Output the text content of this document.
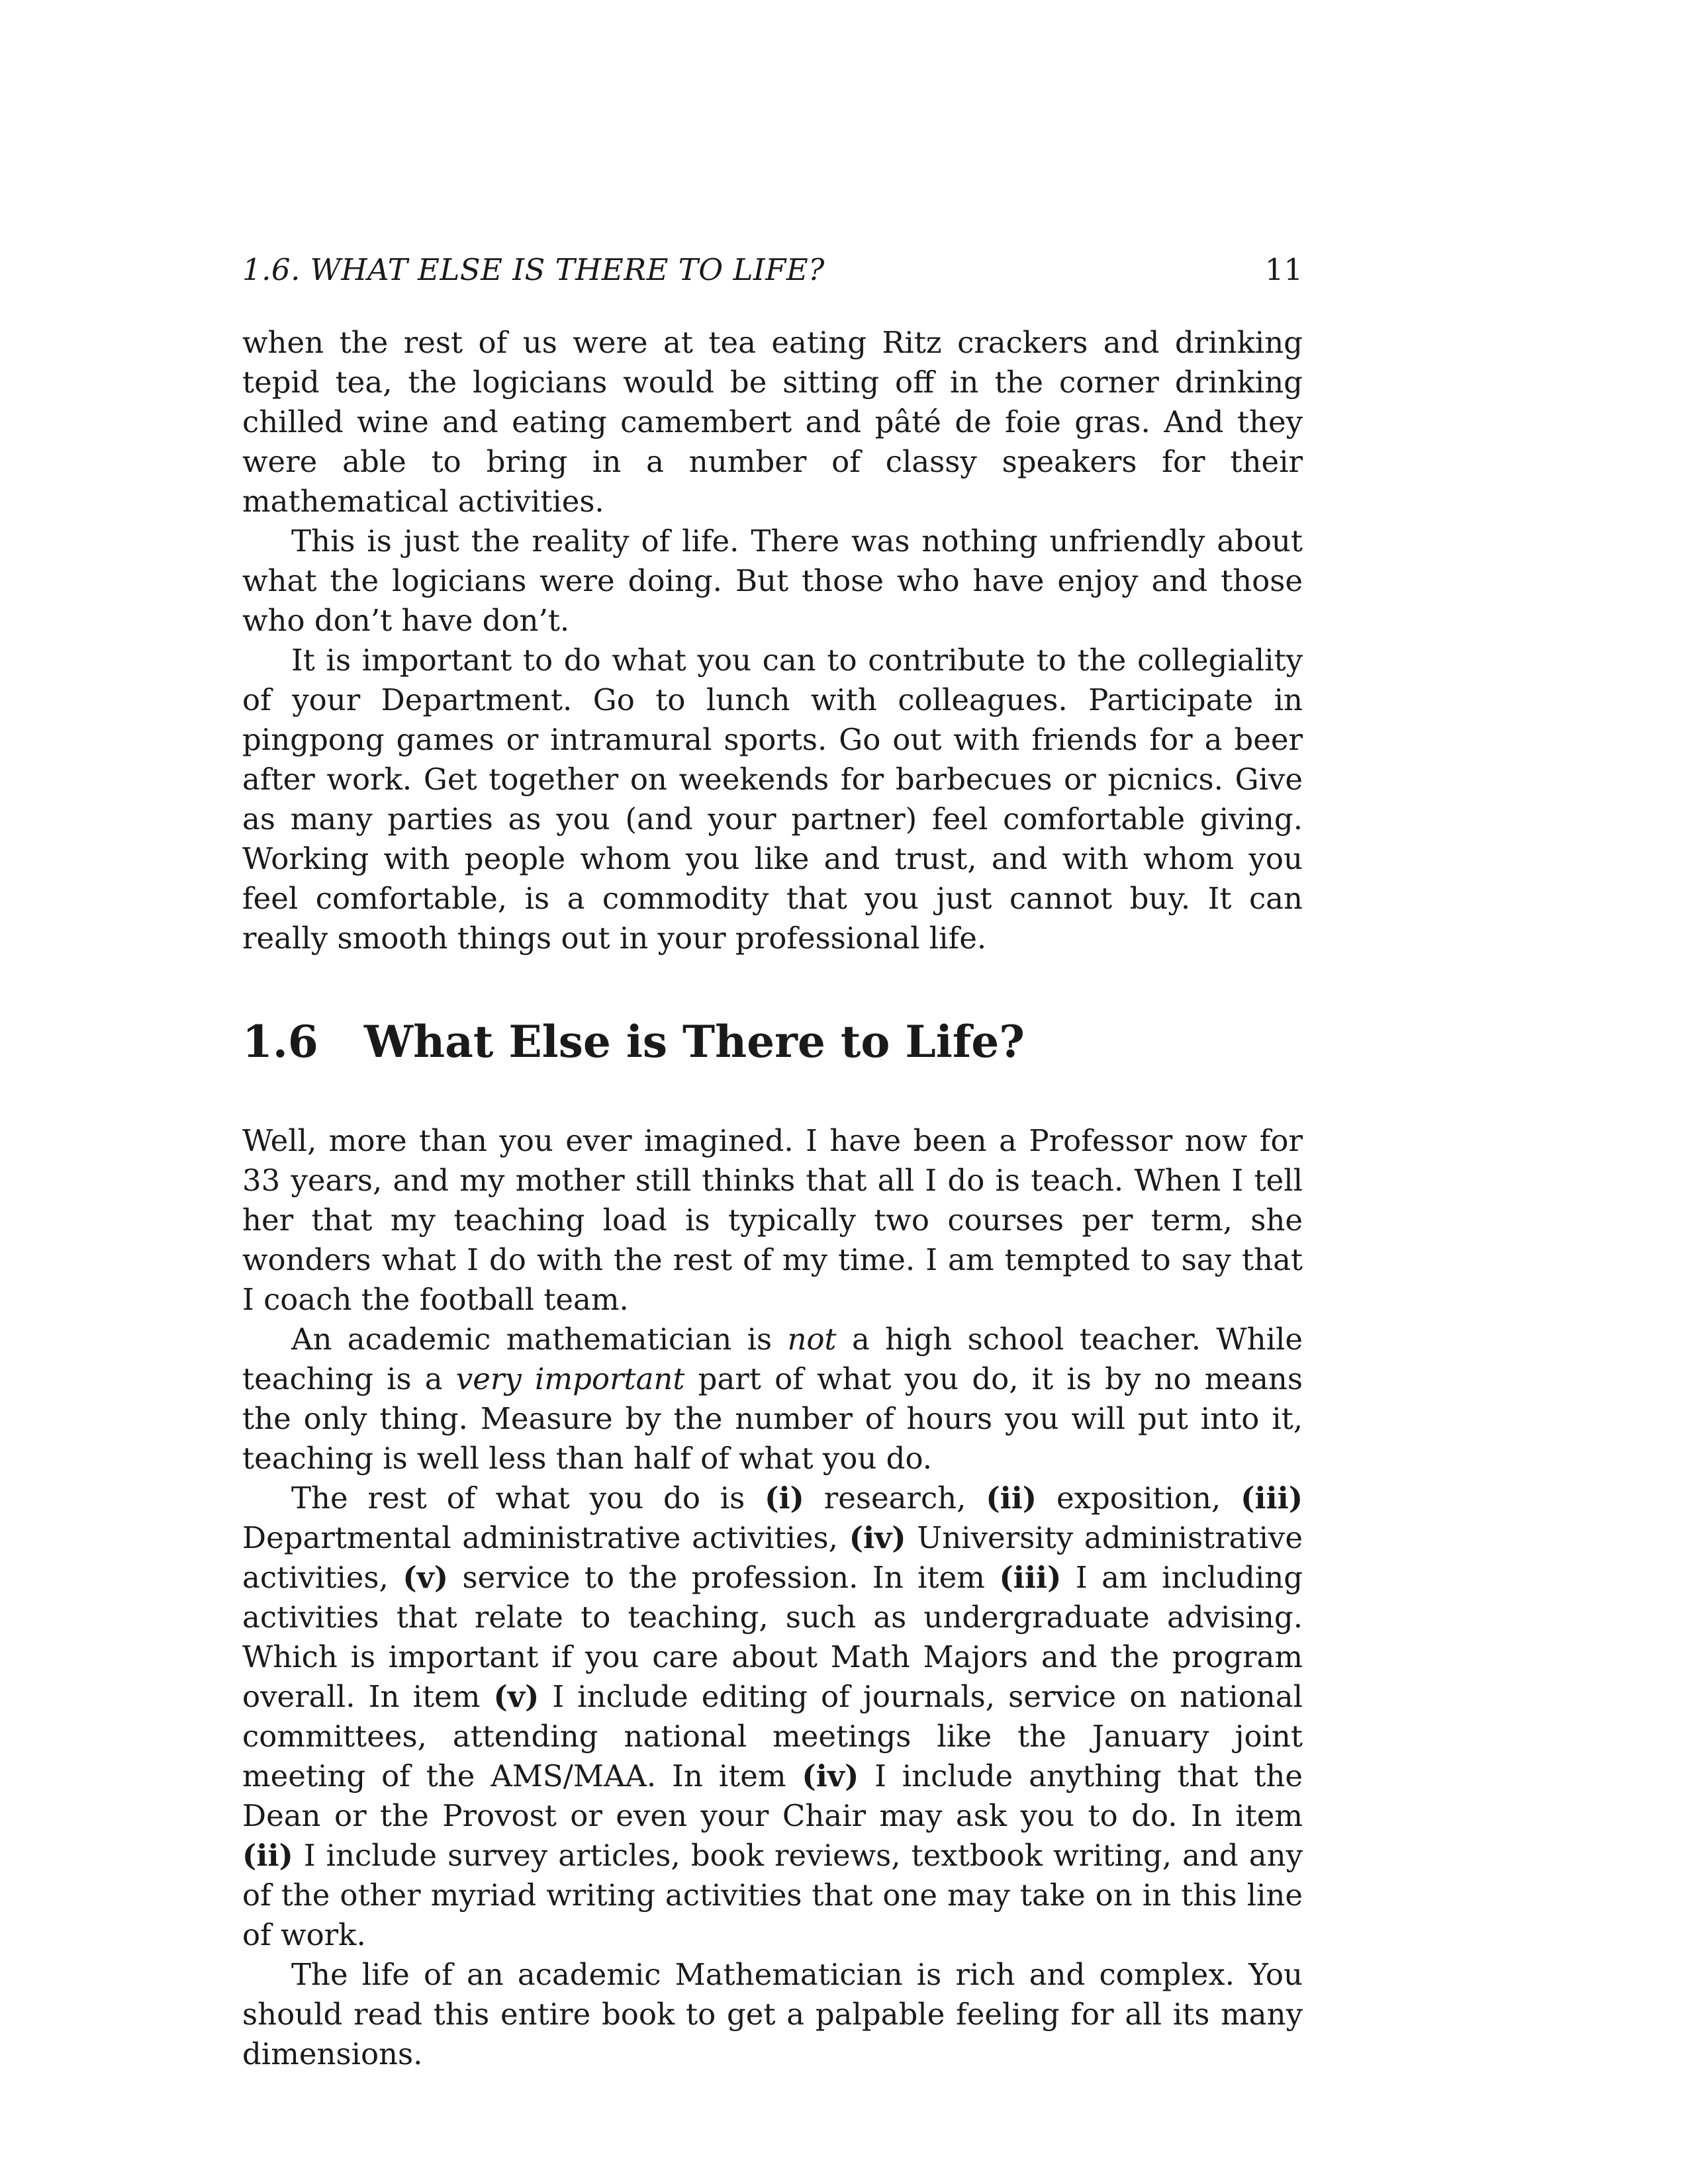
1.6. WHAT ELSE IS THERE TO LIFE?	11

when the rest of us were at tea eating Ritz crackers and drinking tepid tea, the logicians would be sitting off in the corner drinking chilled wine and eating camembert and pâté de foie gras. And they were able to bring in a number of classy speakers for their mathematical activities.

This is just the reality of life. There was nothing unfriendly about what the logicians were doing. But those who have enjoy and those who don’t have don’t.

It is important to do what you can to contribute to the collegiality of your Department. Go to lunch with colleagues. Participate in pingpong games or intramural sports. Go out with friends for a beer after work. Get together on weekends for barbecues or picnics. Give as many parties as you (and your partner) feel comfortable giving. Working with people whom you like and trust, and with whom you feel comfortable, is a commodity that you just cannot buy. It can really smooth things out in your professional life.

1.6	What Else is There to Life?

Well, more than you ever imagined. I have been a Professor now for 33 years, and my mother still thinks that all I do is teach. When I tell her that my teaching load is typically two courses per term, she wonders what I do with the rest of my time. I am tempted to say that I coach the football team.

An academic mathematician is not a high school teacher. While teaching is a very important part of what you do, it is by no means the only thing. Measure by the number of hours you will put into it, teaching is well less than half of what you do.

The rest of what you do is (i) research, (ii) exposition, (iii) Departmental administrative activities, (iv) University administrative activities, (v) service to the profession. In item (iii) I am including activities that relate to teaching, such as undergraduate advising. Which is important if you care about Math Majors and the program overall. In item (v) I include editing of journals, service on national committees, attending national meetings like the January joint meeting of the AMS/MAA. In item (iv) I include anything that the Dean or the Provost or even your Chair may ask you to do. In item (ii) I include survey articles, book reviews, textbook writing, and any of the other myriad writing activities that one may take on in this line of work.

The life of an academic Mathematician is rich and complex. You should read this entire book to get a palpable feeling for all its many dimensions.
